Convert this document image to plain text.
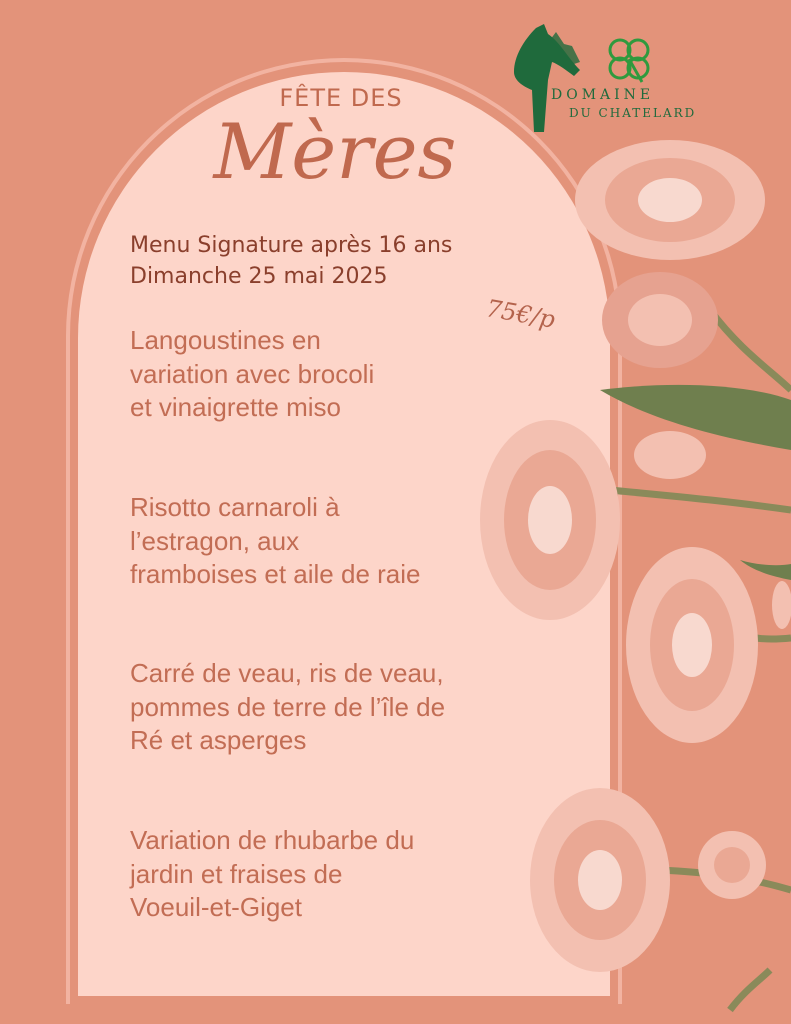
FÊTE DES
Mères
Menu Signature après 16 ans
Dimanche 25 mai 2025
75€/p
Langoustines en
variation avec brocoli
et vinaigrette miso
Risotto carnaroli à
l’estragon, aux
framboises et aile de raie
Carré de veau, ris de veau,
pommes de terre de l’île de
Ré et asperges
Variation de rhubarbe du
jardin et fraises de
Voeuil-et-Giget
DOMAINE
DU CHATELARD
